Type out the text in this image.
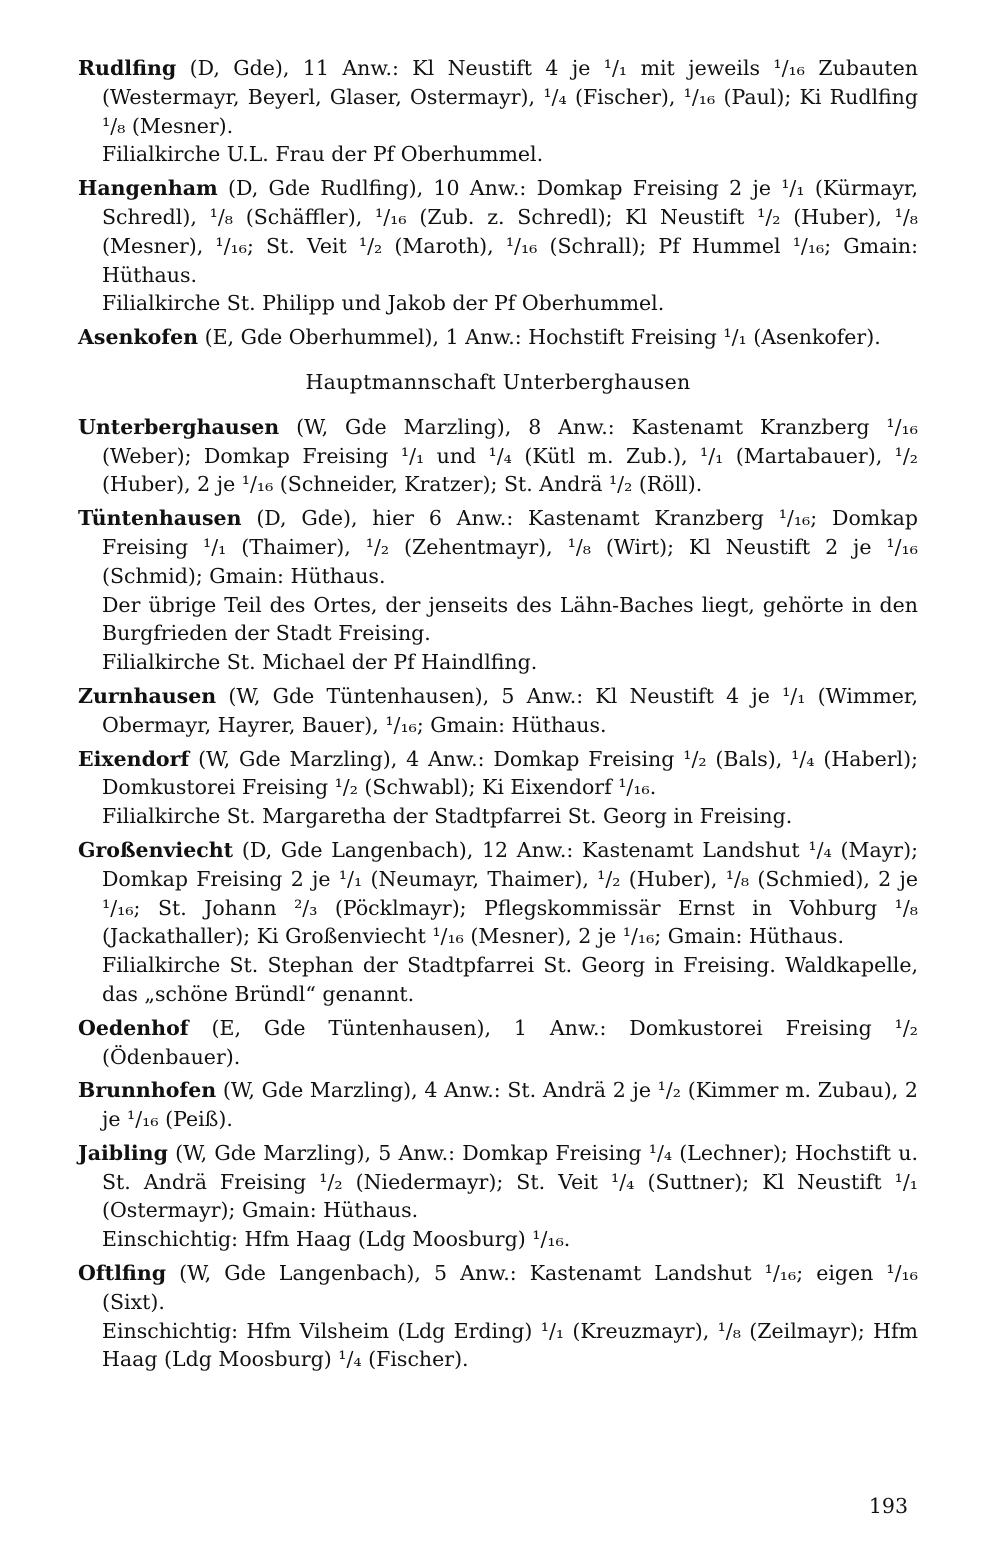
Rudlfing (D, Gde), 11 Anw.: Kl Neustift 4 je ¹/₁ mit jeweils ¹/₁₆ Zubauten (Westermayr, Beyerl, Glaser, Ostermayr), ¹/₄ (Fischer), ¹/₁₆ (Paul); Ki Rudlfing ¹/₈ (Mesner).

Filialkirche U.L. Frau der Pf Oberhummel.

Hangenham (D, Gde Rudlfing), 10 Anw.: Domkap Freising 2 je ¹/₁ (Kürmayr, Schredl), ¹/₈ (Schäffler), ¹/₁₆ (Zub. z. Schredl); Kl Neustift ¹/₂ (Huber), ¹/₈ (Mesner), ¹/₁₆; St. Veit ¹/₂ (Maroth), ¹/₁₆ (Schrall); Pf Hummel ¹/₁₆; Gmain: Hüthaus.

Filialkirche St. Philipp und Jakob der Pf Oberhummel.

Asenkofen (E, Gde Oberhummel), 1 Anw.: Hochstift Freising ¹/₁ (Asenkofer).

Hauptmannschaft Unterberghausen

Unterberghausen (W, Gde Marzling), 8 Anw.: Kastenamt Kranzberg ¹/₁₆ (Weber); Domkap Freising ¹/₁ und ¹/₄ (Kütl m. Zub.), ¹/₁ (Martabauer), ¹/₂ (Huber), 2 je ¹/₁₆ (Schneider, Kratzer); St. Andrä ¹/₂ (Röll).

Tüntenhausen (D, Gde), hier 6 Anw.: Kastenamt Kranzberg ¹/₁₆; Domkap Freising ¹/₁ (Thaimer), ¹/₂ (Zehentmayr), ¹/₈ (Wirt); Kl Neustift 2 je ¹/₁₆ (Schmid); Gmain: Hüthaus.

Der übrige Teil des Ortes, der jenseits des Lähn-Baches liegt, gehörte in den Burgfrieden der Stadt Freising.

Filialkirche St. Michael der Pf Haindlfing.

Zurnhausen (W, Gde Tüntenhausen), 5 Anw.: Kl Neustift 4 je ¹/₁ (Wimmer, Obermayr, Hayrer, Bauer), ¹/₁₆; Gmain: Hüthaus.

Eixendorf (W, Gde Marzling), 4 Anw.: Domkap Freising ¹/₂ (Bals), ¹/₄ (Haberl); Domkustorei Freising ¹/₂ (Schwabl); Ki Eixendorf ¹/₁₆.

Filialkirche St. Margaretha der Stadtpfarrei St. Georg in Freising.

Großenviecht (D, Gde Langenbach), 12 Anw.: Kastenamt Landshut ¹/₄ (Mayr); Domkap Freising 2 je ¹/₁ (Neumayr, Thaimer), ¹/₂ (Huber), ¹/₈ (Schmied), 2 je ¹/₁₆; St. Johann ²/₃ (Pöcklmayr); Pflegskommissär Ernst in Vohburg ¹/₈ (Jackathaller); Ki Großenviecht ¹/₁₆ (Mesner), 2 je ¹/₁₆; Gmain: Hüthaus.

Filialkirche St. Stephan der Stadtpfarrei St. Georg in Freising. Waldkapelle, das „schöne Bründl“ genannt.

Oedenhof (E, Gde Tüntenhausen), 1 Anw.: Domkustorei Freising ¹/₂ (Ödenbauer).

Brunnhofen (W, Gde Marzling), 4 Anw.: St. Andrä 2 je ¹/₂ (Kimmer m. Zubau), 2 je ¹/₁₆ (Peiß).

Jaibling (W, Gde Marzling), 5 Anw.: Domkap Freising ¹/₄ (Lechner); Hochstift u. St. Andrä Freising ¹/₂ (Niedermayr); St. Veit ¹/₄ (Suttner); Kl Neustift ¹/₁ (Ostermayr); Gmain: Hüthaus.

Einschichtig: Hfm Haag (Ldg Moosburg) ¹/₁₆.

Oftlfing (W, Gde Langenbach), 5 Anw.: Kastenamt Landshut ¹/₁₆; eigen ¹/₁₆ (Sixt).

Einschichtig: Hfm Vilsheim (Ldg Erding) ¹/₁ (Kreuzmayr), ¹/₈ (Zeilmayr); Hfm Haag (Ldg Moosburg) ¹/₄ (Fischer).

193
